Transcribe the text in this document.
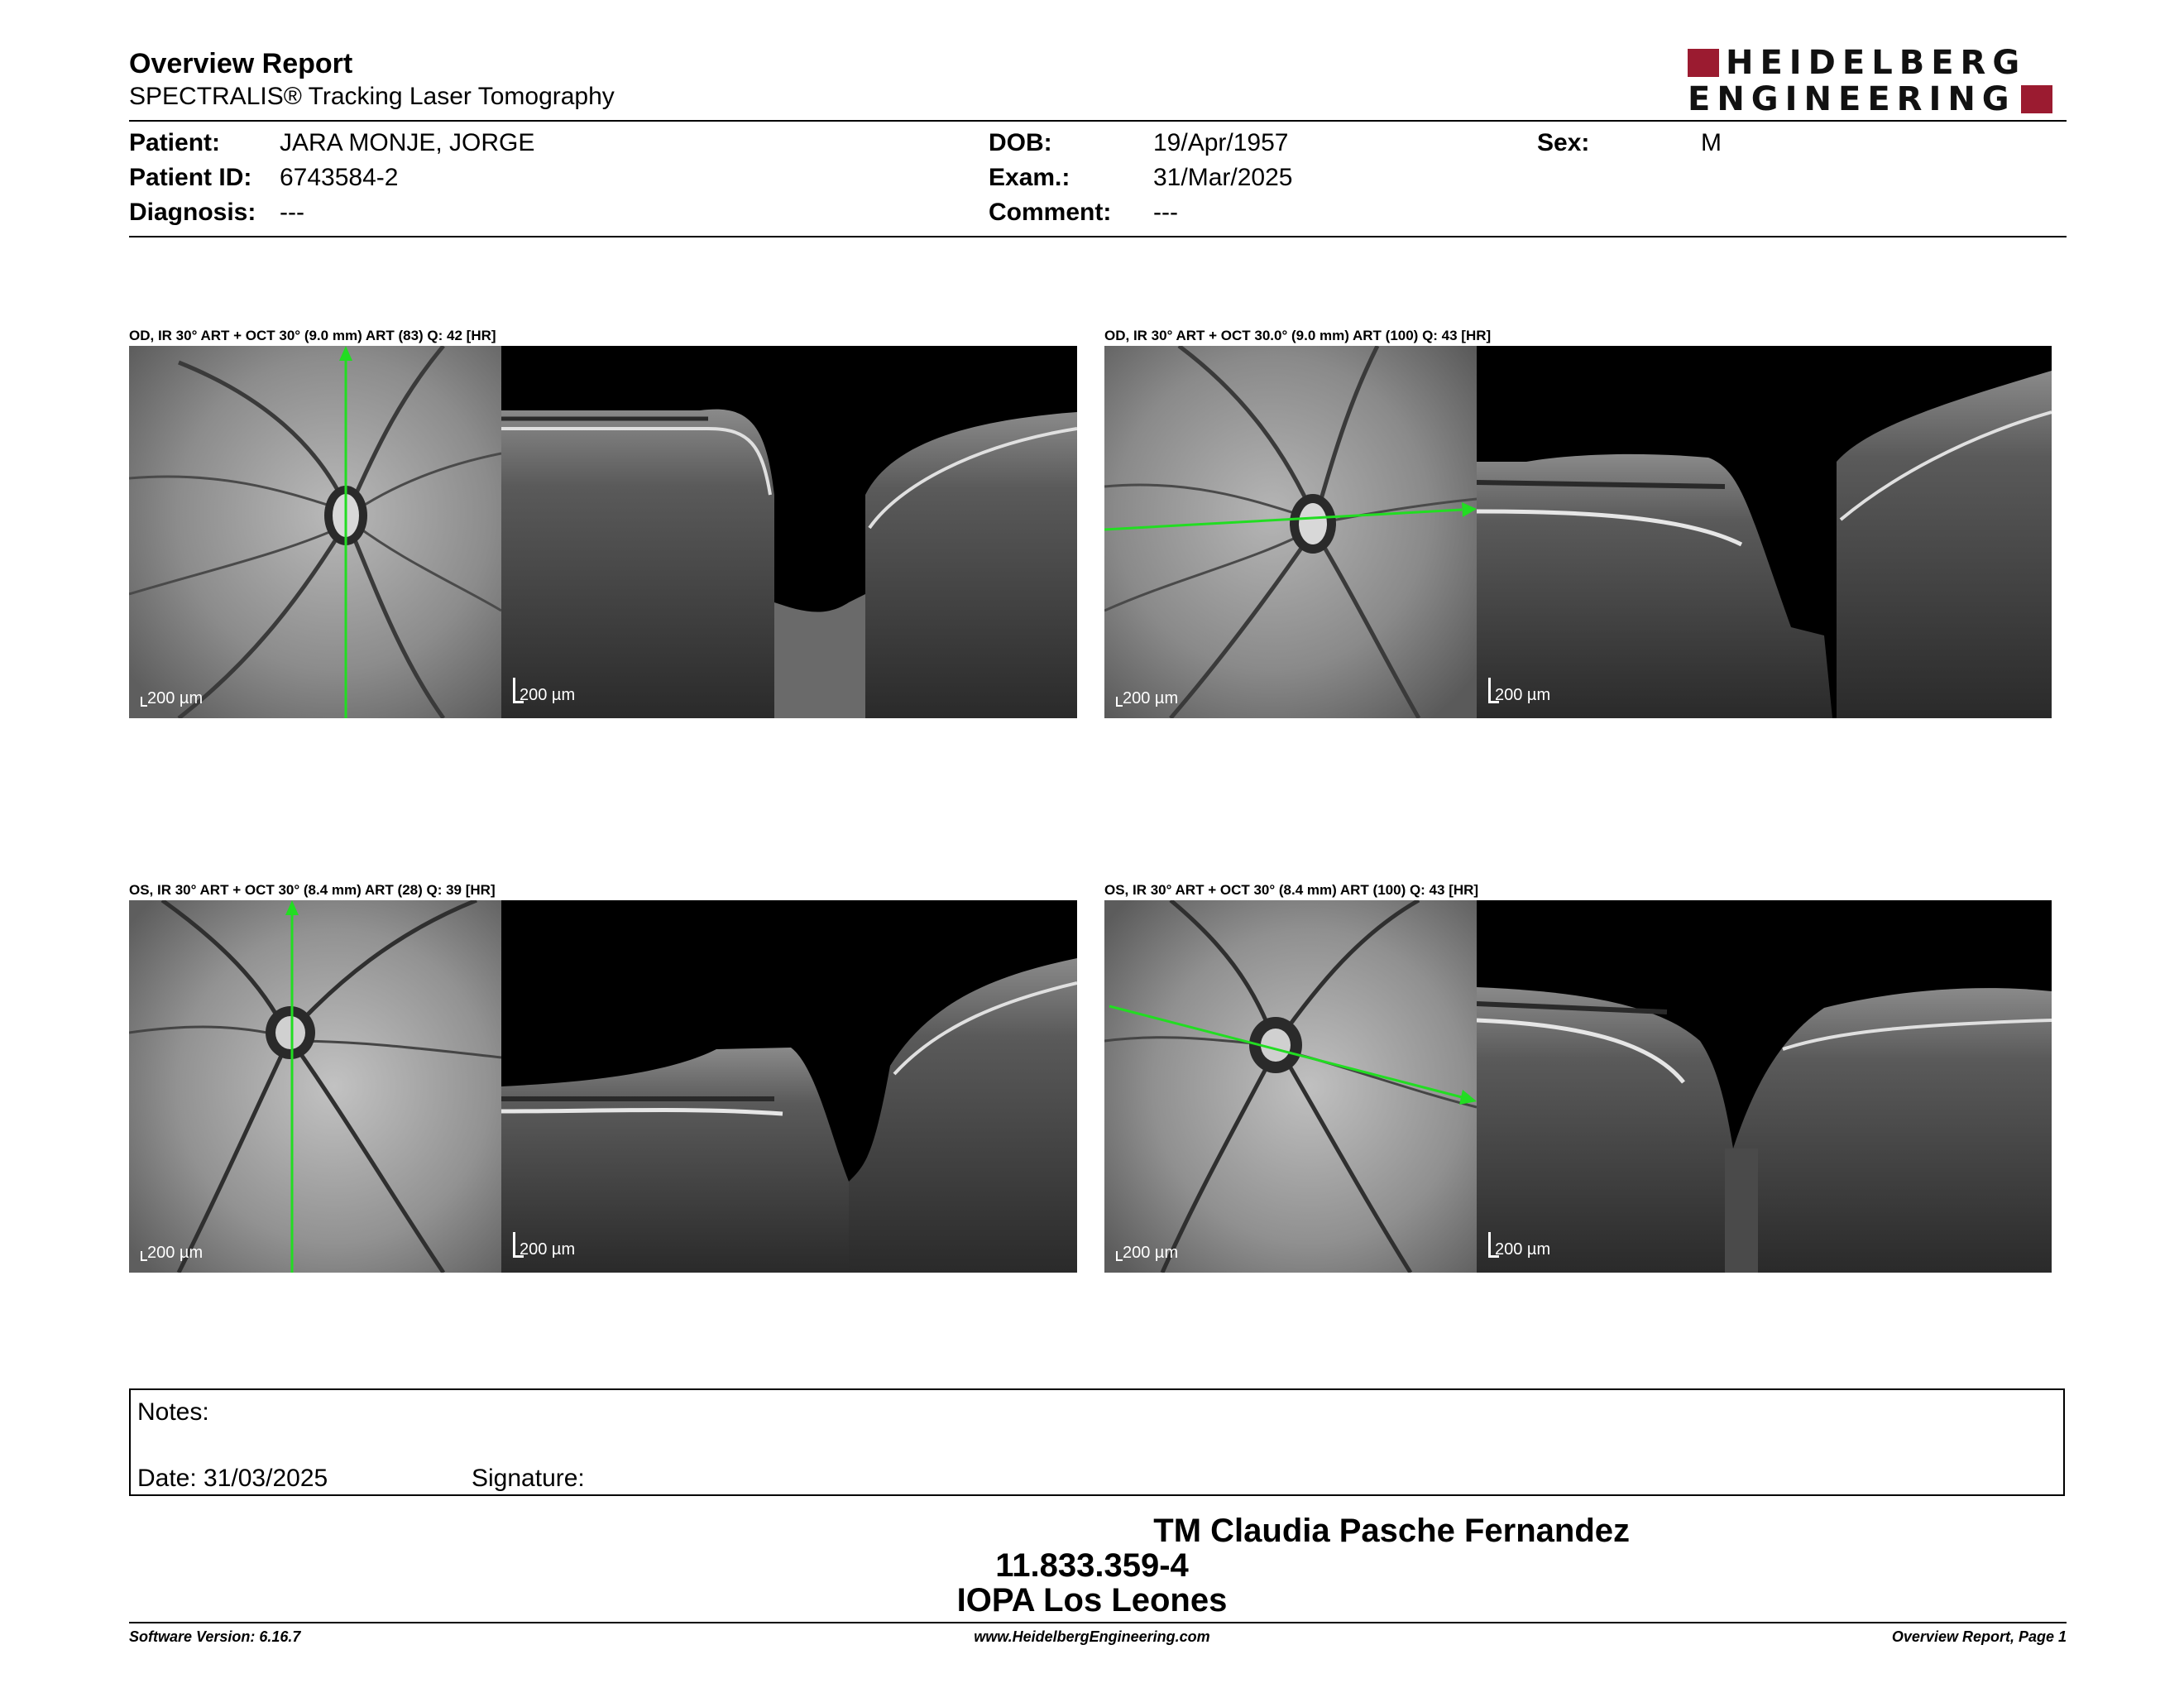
Overview Report
SPECTRALIS® Tracking Laser Tomography
HEIDELBERG
ENGINEERING
Patient: JARA MONJE, JORGE
Patient ID: 6743584-2
Diagnosis: ---
DOB:	19/Apr/1957
Exam.:	31/Mar/2025
Comment: ---
Sex:	M
OD, IR 30° ART + OCT 30° (9.0 mm) ART (83) Q: 42 [HR]
200 µm	200 µm
OD, IR 30° ART + OCT 30.0° (9.0 mm) ART (100) Q: 43 [HR]
200 µm	200 µm
OS, IR 30° ART + OCT 30° (8.4 mm) ART (28) Q: 39 [HR]
200 µm	200 µm
OS, IR 30° ART + OCT 30° (8.4 mm) ART (100) Q: 43 [HR]
200 µm	200 µm
Notes:
Date: 31/03/2025	Signature:
TM Claudia Pasche Fernandez
11.833.359-4
IOPA Los Leones
Software Version: 6.16.7	www.HeidelbergEngineering.com	Overview Report, Page 1
